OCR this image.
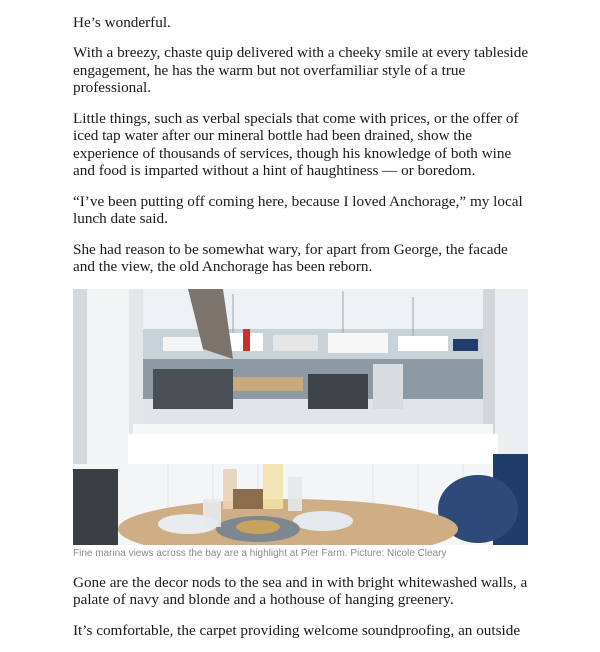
He’s wonderful.

With a breezy, chaste quip delivered with a cheeky smile at every tableside engagement, he has the warm but not overfamiliar style of a true professional.

Little things, such as verbal specials that come with prices, or the offer of iced tap water after our mineral bottle had been drained, show the experience of thousands of services, though his knowledge of both wine and food is imparted without a hint of haughtiness — or boredom.

“I’ve been putting off coming here, because I loved Anchorage,” my local lunch date said.

She had reason to be somewhat wary, for apart from George, the facade and the view, the old Anchorage has been reborn.

Fine marina views across the bay are a highlight at Pier Farm. Picture: Nicole Cleary

Gone are the decor nods to the sea and in with bright whitewashed walls, a palate of navy and blonde and a hothouse of hanging greenery.

It’s comfortable, the carpet providing welcome soundproofing, an outside
